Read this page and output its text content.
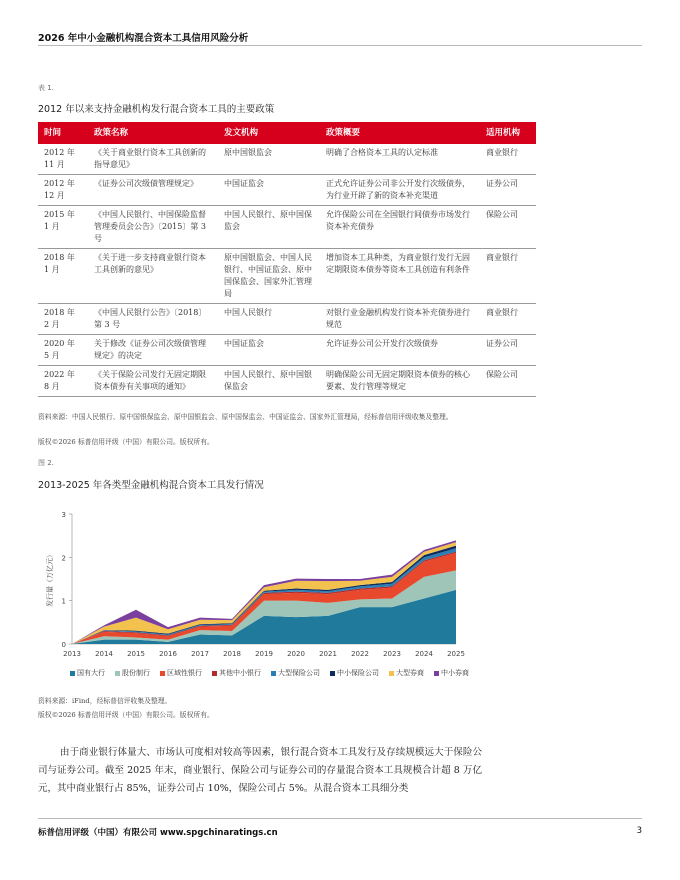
2026 年中小金融机构混合资本工具信用风险分析
表 1.
2012 年以来支持金融机构发行混合资本工具的主要政策
时间	政策名称	发文机构	政策概要	适用机构
2012 年
11 月	《关于商业银行资本工具创新的指导意见》	原中国银监会	明确了合格资本工具的认定标准	商业银行
2012 年
12 月	《证券公司次级债管理规定》	中国证监会	正式允许证券公司非公开发行次级债券，为行业开辟了新的资本补充渠道	证券公司
2015 年
1 月	《中国人民银行、中国保险监督管理委员会公告》〔2015〕第 3 号	中国人民银行、原中国保监会	允许保险公司在全国银行间债券市场发行资本补充债券	保险公司
2018 年
1 月	《关于进一步支持商业银行资本工具创新的意见》	原中国银监会、中国人民银行、中国证监会、原中国保监会、国家外汇管理局	增加资本工具种类，为商业银行发行无固定期限资本债券等资本工具创造有利条件	商业银行
2018 年
2 月	《中国人民银行公告》〔2018〕第 3 号	中国人民银行	对银行业金融机构发行资本补充债券进行规范	商业银行
2020 年
5 月	关于修改《证券公司次级债管理规定》的决定	中国证监会	允许证券公司公开发行次级债券	证券公司
2022 年
8 月	《关于保险公司发行无固定期限资本债券有关事项的通知》	中国人民银行、原中国银保监会	明确保险公司无固定期限资本债券的核心要素、发行管理等规定	保险公司
资料来源：中国人民银行、原中国银保监会、原中国银监会、原中国保监会、中国证监会、国家外汇管理局，经标普信用评级收集及整理。
版权©2026 标普信用评级（中国）有限公司。版权所有。
图 2.
2013-2025 年各类型金融机构混合资本工具发行情况
0
1
2
3
发行量（万亿元）
2013 2014 2015 2016 2017 2018 2019 2020 2021 2022 2023 2024 2025
国有大行 股份制行 区域性银行 其他中小银行 大型保险公司 中小保险公司 大型券商 中小券商
资料来源：iFind，经标普信评收集及整理。
版权©2026 标普信用评级（中国）有限公司。版权所有。
由于商业银行体量大、市场认可度相对较高等因素，银行混合资本工具发行及存续规模远大于保险公司与证券公司。截至 2025 年末，商业银行、保险公司与证券公司的存量混合资本工具规模合计超 8 万亿元，其中商业银行占 85%，证券公司占 10%，保险公司占 5%。从混合资本工具细分类
标普信用评级（中国）有限公司 www.spgchinaratings.cn	3
